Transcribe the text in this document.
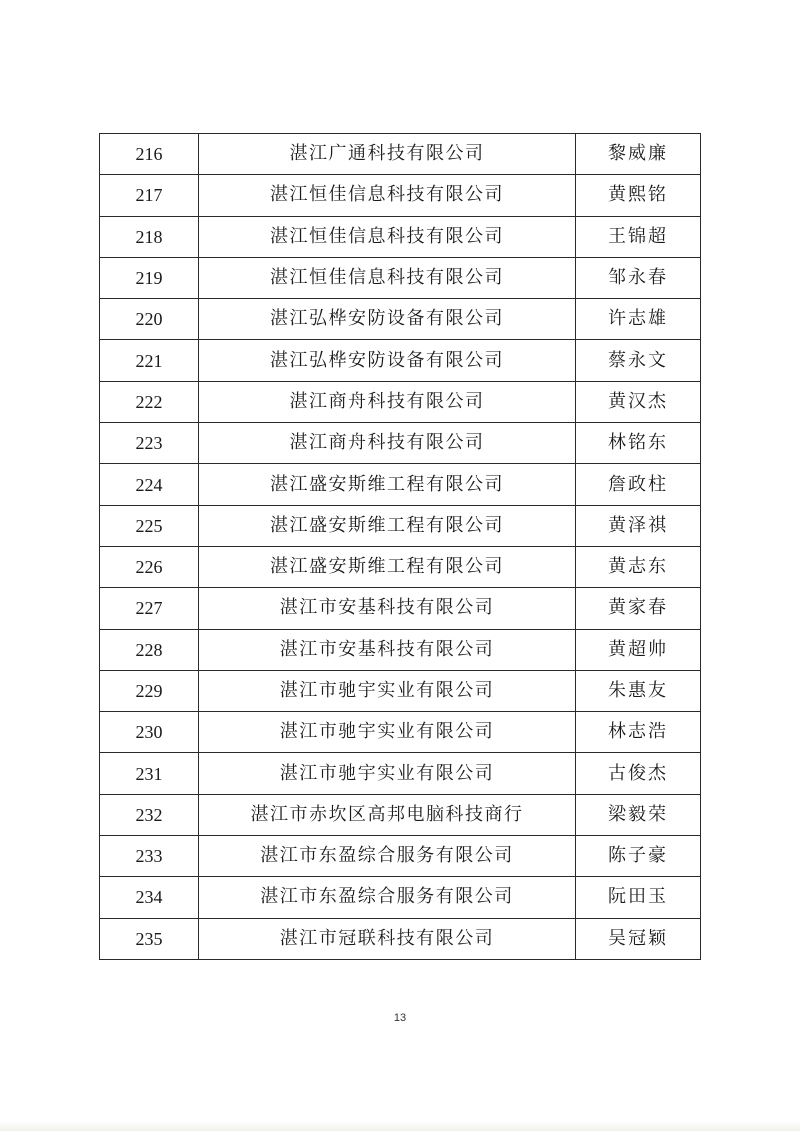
216	湛江广通科技有限公司	黎威廉
217	湛江恒佳信息科技有限公司	黄熙铭
218	湛江恒佳信息科技有限公司	王锦超
219	湛江恒佳信息科技有限公司	邹永春
220	湛江弘桦安防设备有限公司	许志雄
221	湛江弘桦安防设备有限公司	蔡永文
222	湛江商舟科技有限公司	黄汉杰
223	湛江商舟科技有限公司	林铭东
224	湛江盛安斯维工程有限公司	詹政柱
225	湛江盛安斯维工程有限公司	黄泽祺
226	湛江盛安斯维工程有限公司	黄志东
227	湛江市安基科技有限公司	黄家春
228	湛江市安基科技有限公司	黄超帅
229	湛江市驰宇实业有限公司	朱惠友
230	湛江市驰宇实业有限公司	林志浩
231	湛江市驰宇实业有限公司	古俊杰
232	湛江市赤坎区高邦电脑科技商行	梁毅荣
233	湛江市东盈综合服务有限公司	陈子豪
234	湛江市东盈综合服务有限公司	阮田玉
235	湛江市冠联科技有限公司	吴冠颖
13
